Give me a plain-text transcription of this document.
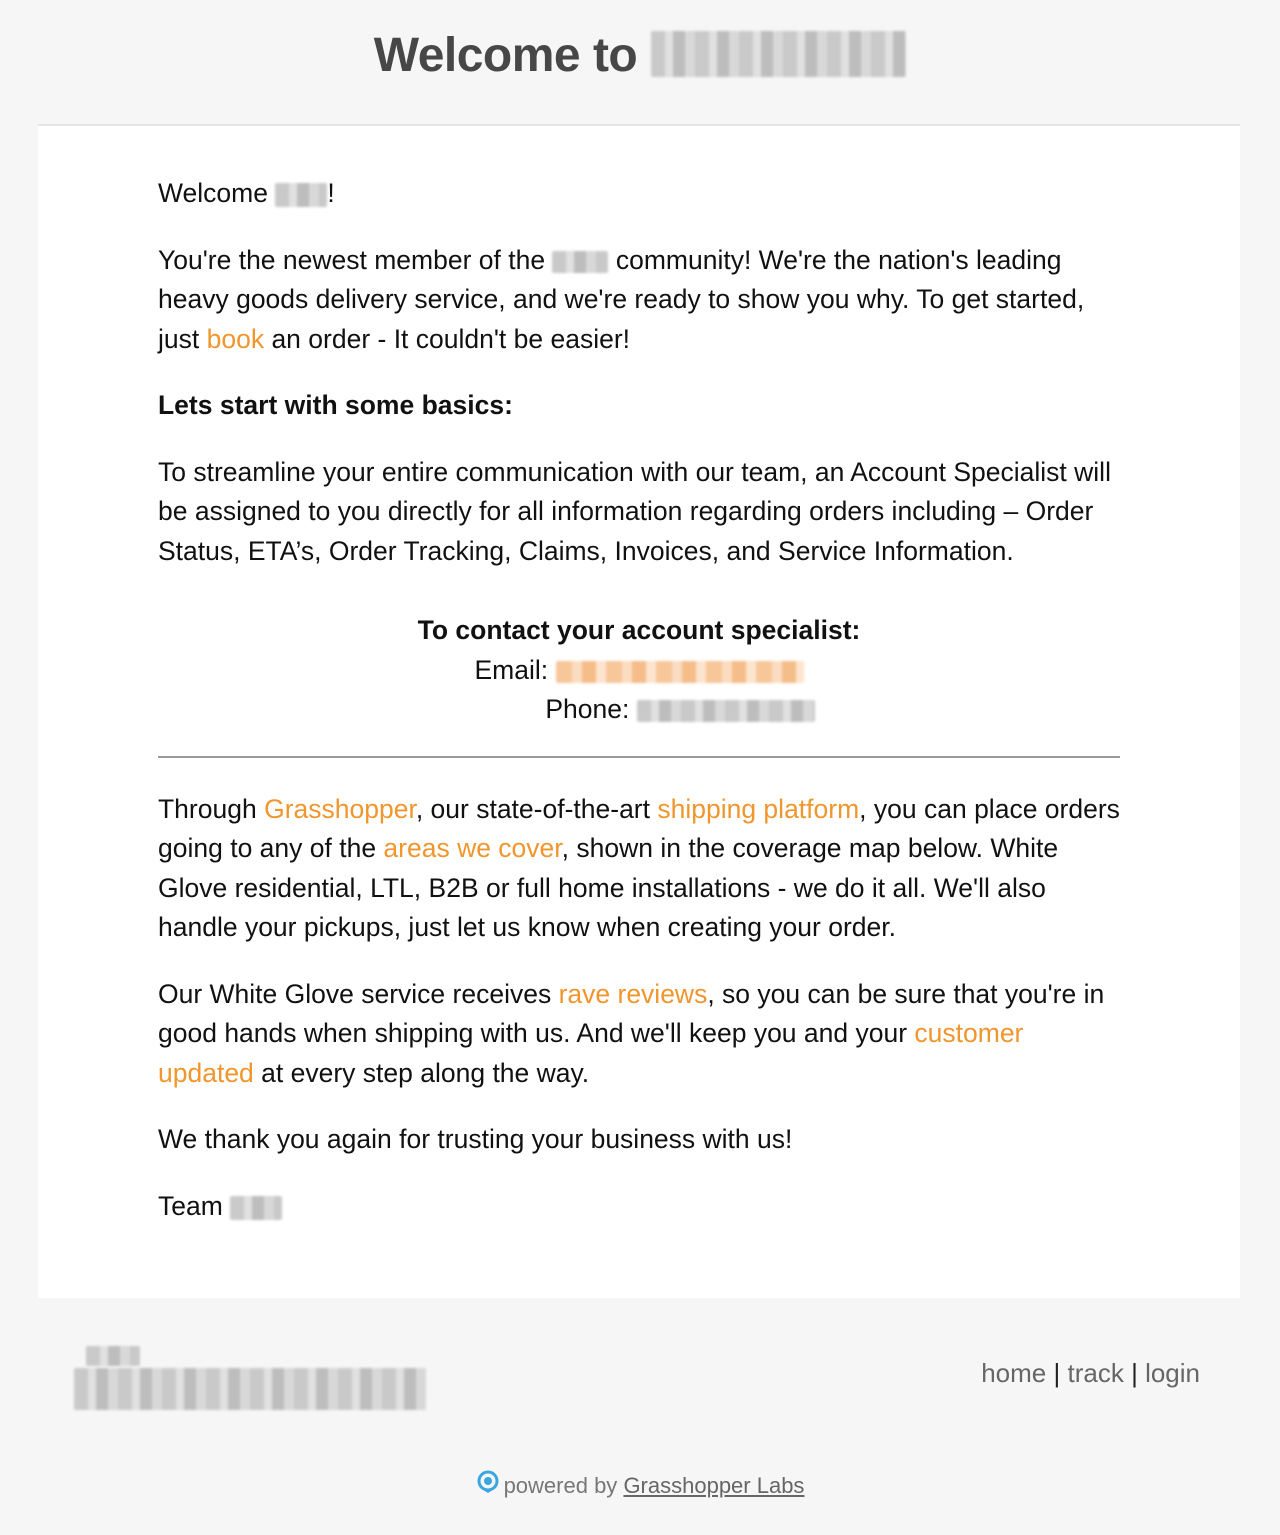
Welcome to

Welcome !

You're the newest member of the  community! We're the nation's leading heavy goods delivery service, and we're ready to show you why. To get started, just book an order - It couldn't be easier!

Lets start with some basics:

To streamline your entire communication with our team, an Account Specialist will be assigned to you directly for all information regarding orders including – Order Status, ETA’s, Order Tracking, Claims, Invoices, and Service Information.

To contact your account specialist:
Email:
Phone:

Through Grasshopper, our state-of-the-art shipping platform, you can place orders going to any of the areas we cover, shown in the coverage map below. White Glove residential, LTL, B2B or full home installations - we do it all. We'll also handle your pickups, just let us know when creating your order.

Our White Glove service receives rave reviews, so you can be sure that you're in good hands when shipping with us. And we'll keep you and your customer updated at every step along the way.

We thank you again for trusting your business with us!

Team

home | track | login
powered by Grasshopper Labs
